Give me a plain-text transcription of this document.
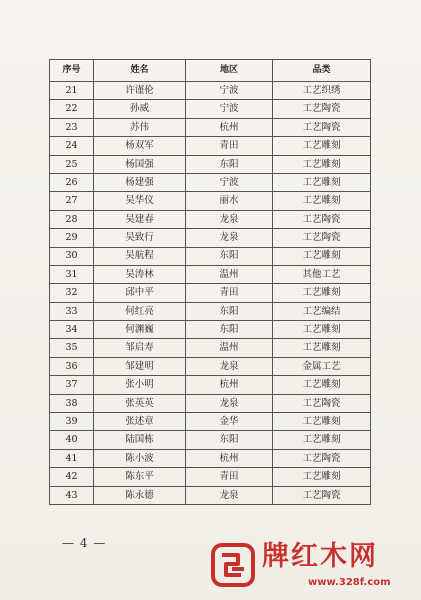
序号	姓名	地区	品类
21	许谨伦	宁波	工艺织绣
22	孙威	宁波	工艺陶瓷
23	苏伟	杭州	工艺陶瓷
24	杨双军	青田	工艺雕刻
25	杨国强	东阳	工艺雕刻
26	杨建强	宁波	工艺雕刻
27	吴华仪	丽水	工艺雕刻
28	吴建春	龙泉	工艺陶瓷
29	吴致行	龙泉	工艺陶瓷
30	吴航程	东阳	工艺雕刻
31	吴涛林	温州	其他工艺
32	邱中平	青田	工艺雕刻
33	何红亮	东阳	工艺编结
34	何渊巍	东阳	工艺雕刻
35	邹启寿	温州	工艺雕刻
36	邹建明	龙泉	金属工艺
37	张小明	杭州	工艺雕刻
38	张英英	龙泉	工艺陶瓷
39	张述章	金华	工艺雕刻
40	陆国栋	东阳	工艺雕刻
41	陈小波	杭州	工艺陶瓷
42	陈东平	青田	工艺雕刻
43	陈永德	龙泉	工艺陶瓷
— 4 —	牌红木网
www.328f.com
